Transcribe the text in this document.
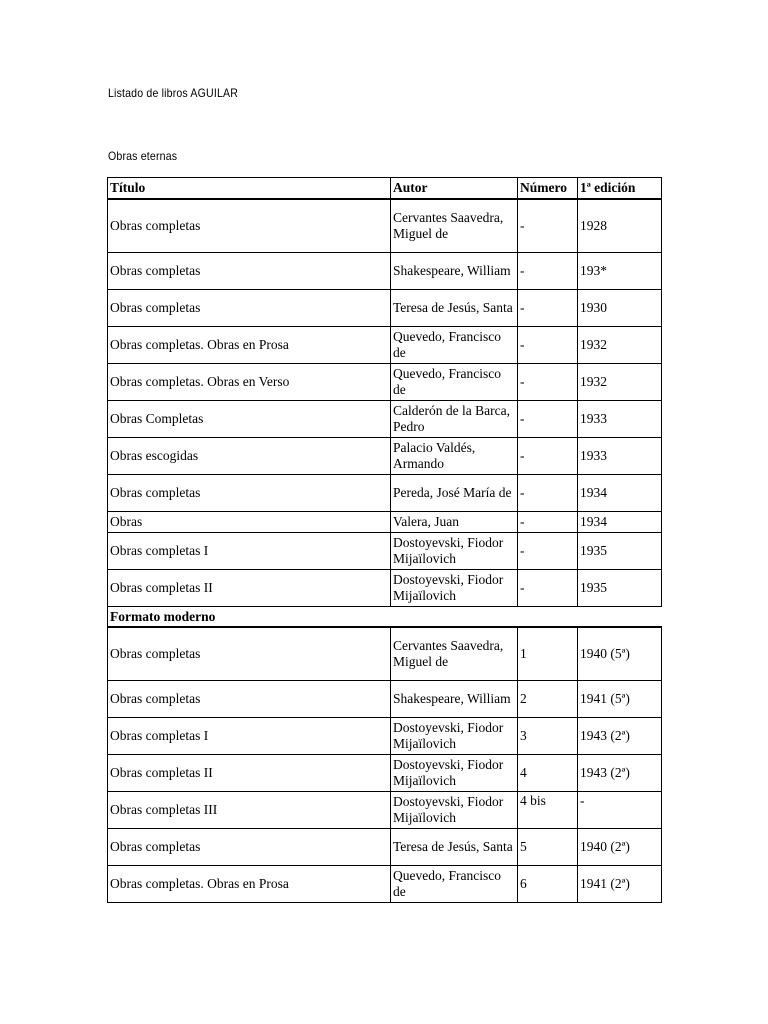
Listado de libros AGUILAR
Obras eternas
Título	Autor	Número	1ª edición
Obras completas	Cervantes Saavedra, Miguel de	-	1928
Obras completas	Shakespeare, William	-	193*
Obras completas	Teresa de Jesús, Santa	-	1930
Obras completas. Obras en Prosa	Quevedo, Francisco de	-	1932
Obras completas. Obras en Verso	Quevedo, Francisco de	-	1932
Obras Completas	Calderón de la Barca, Pedro	-	1933
Obras escogidas	Palacio Valdés, Armando	-	1933
Obras completas	Pereda, José María de	-	1934
Obras	Valera, Juan	-	1934
Obras completas I	Dostoyevski, Fiodor Mijaïlovich	-	1935
Obras completas II	Dostoyevski, Fiodor Mijaïlovich	-	1935
Formato moderno			
Obras completas	Cervantes Saavedra, Miguel de	1	1940 (5ª)
Obras completas	Shakespeare, William	2	1941 (5ª)
Obras completas I	Dostoyevski, Fiodor Mijaïlovich	3	1943 (2ª)
Obras completas II	Dostoyevski, Fiodor Mijaïlovich	4	1943 (2ª)
Obras completas III	Dostoyevski, Fiodor Mijaïlovich	4 bis	-
Obras completas	Teresa de Jesús, Santa	5	1940 (2ª)
Obras completas. Obras en Prosa	Quevedo, Francisco de	6	1941 (2ª)
